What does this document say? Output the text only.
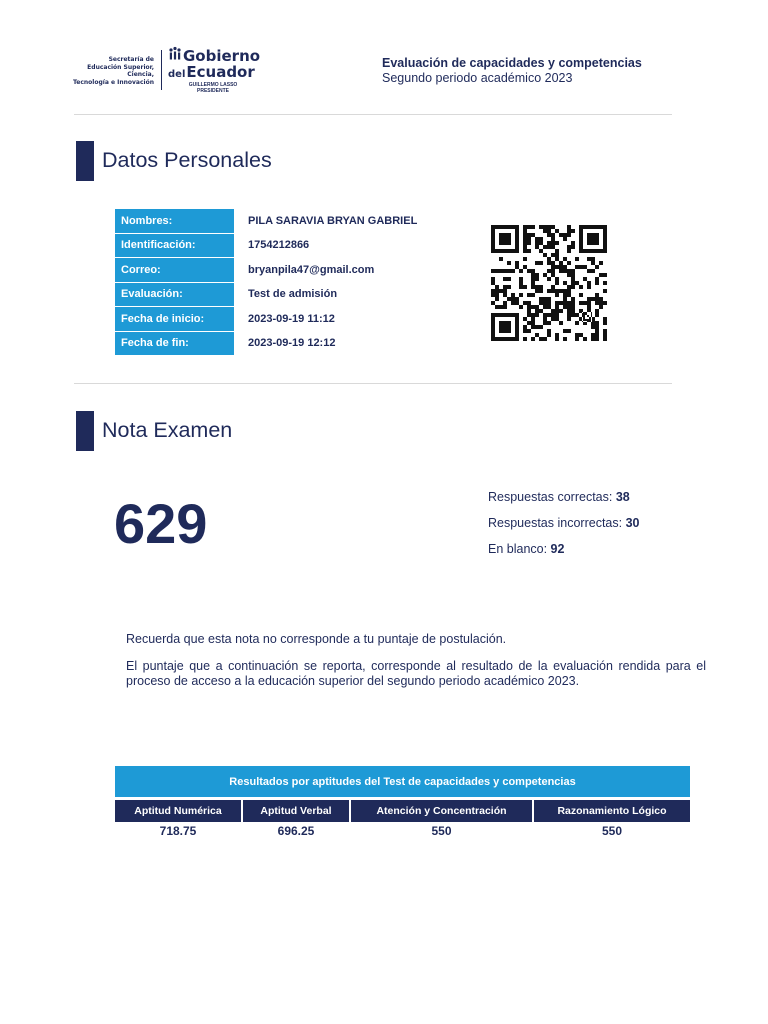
Secretaría de
Educación Superior, Ciencia,
Tecnología e Innovación
Gobierno
delEcuador
GUILLERMO LASSO
PRESIDENTE
Evaluación de capacidades y competencias
Segundo periodo académico 2023
Datos Personales
Nombres:	PILA SARAVIA BRYAN GABRIEL
Identificación:	1754212866
Correo:	bryanpila47@gmail.com
Evaluación:	Test de admisión
Fecha de inicio:	2023-09-19 11:12
Fecha de fin:	2023-09-19 12:12
Nota Examen
629	Respuestas correctas: 38
Respuestas incorrectas: 30
En blanco: 92

Recuerda que esta nota no corresponde a tu puntaje de postulación.

El puntaje que a continuación se reporta, corresponde al resultado de la evaluación rendida para el proceso de acceso a la educación superior del segundo periodo académico 2023.

Resultados por aptitudes del Test de capacidades y competencias
Aptitud Numérica	Aptitud Verbal	Atención y Concentración	Razonamiento Lógico
718.75	696.25	550	550
